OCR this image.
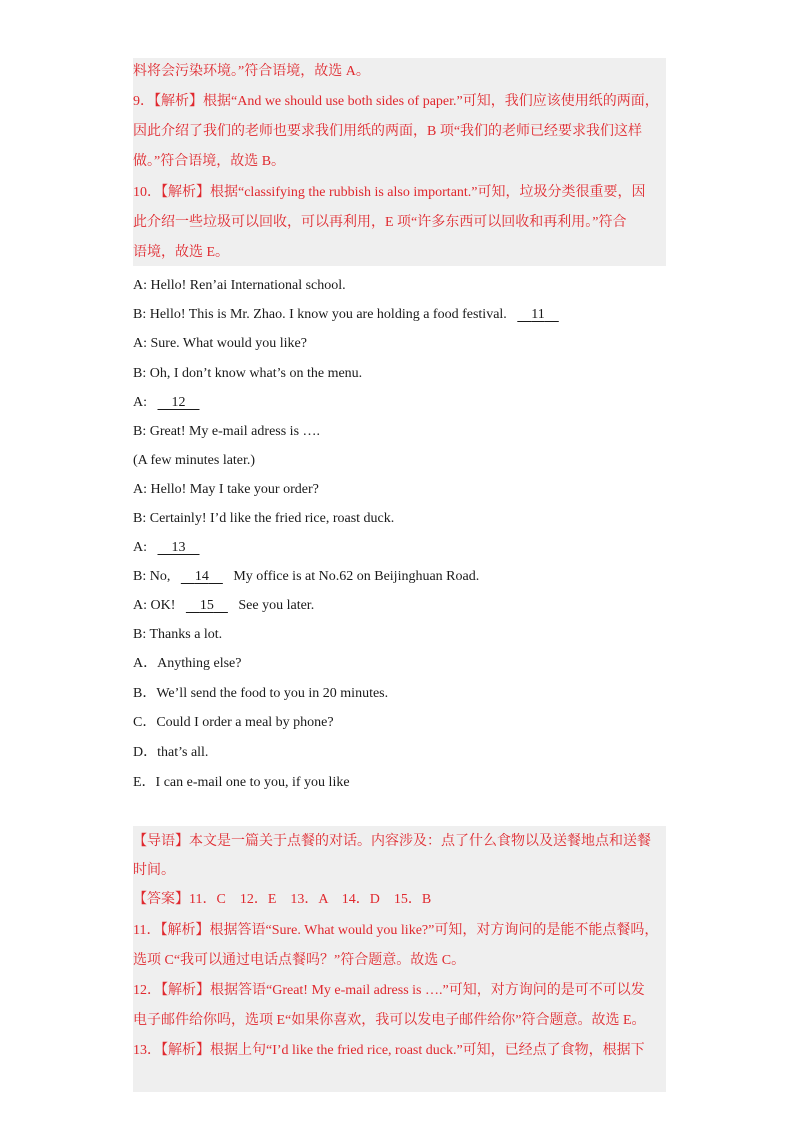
料将会污染环境。”符合语境，故选 A。
9．【解析】根据“And we should use both sides of paper.”可知，我们应该使用纸的两面，
因此介绍了我们的老师也要求我们用纸的两面，B 项“我们的老师已经要求我们这样
做。”符合语境，故选 B。
10．【解析】根据“classifying the rubbish is also important.”可知，垃圾分类很重要，因
此介绍一些垃圾可以回收，可以再利用，E 项“许多东西可以回收和再利用。”符合
语境，故选 E。
A: Hello! Ren’ai International school.
B: Hello! This is Mr. Zhao. I know you are holding a food festival. 11
A: Sure. What would you like?
B: Oh, I don’t know what’s on the menu.
A: 12
B: Great! My e-mail adress is ….
(A few minutes later.)
A: Hello! May I take your order?
B: Certainly! I’d like the fried rice, roast duck.
A: 13
B: No, 14 My office is at No.62 on Beijinghuan Road.
A: OK! 15 See you later.
B: Thanks a lot.
A．Anything else?
B．We’ll send the food to you in 20 minutes.
C．Could I order a meal by phone?
D．that’s all.
E．I can e-mail one to you, if you like
【导语】本文是一篇关于点餐的对话。内容涉及：点了什么食物以及送餐地点和送餐
时间。
【答案】11．C　12．E　13．A　14．D　15．B
11．【解析】根据答语“Sure. What would you like?”可知，对方询问的是能不能点餐吗，
选项 C“我可以通过电话点餐吗？”符合题意。故选 C。
12．【解析】根据答语“Great! My e-mail adress is ….”可知，对方询问的是可不可以发
电子邮件给你吗，选项 E“如果你喜欢，我可以发电子邮件给你”符合题意。故选 E。
13．【解析】根据上句“I’d like the fried rice, roast duck.”可知，已经点了食物，根据下
